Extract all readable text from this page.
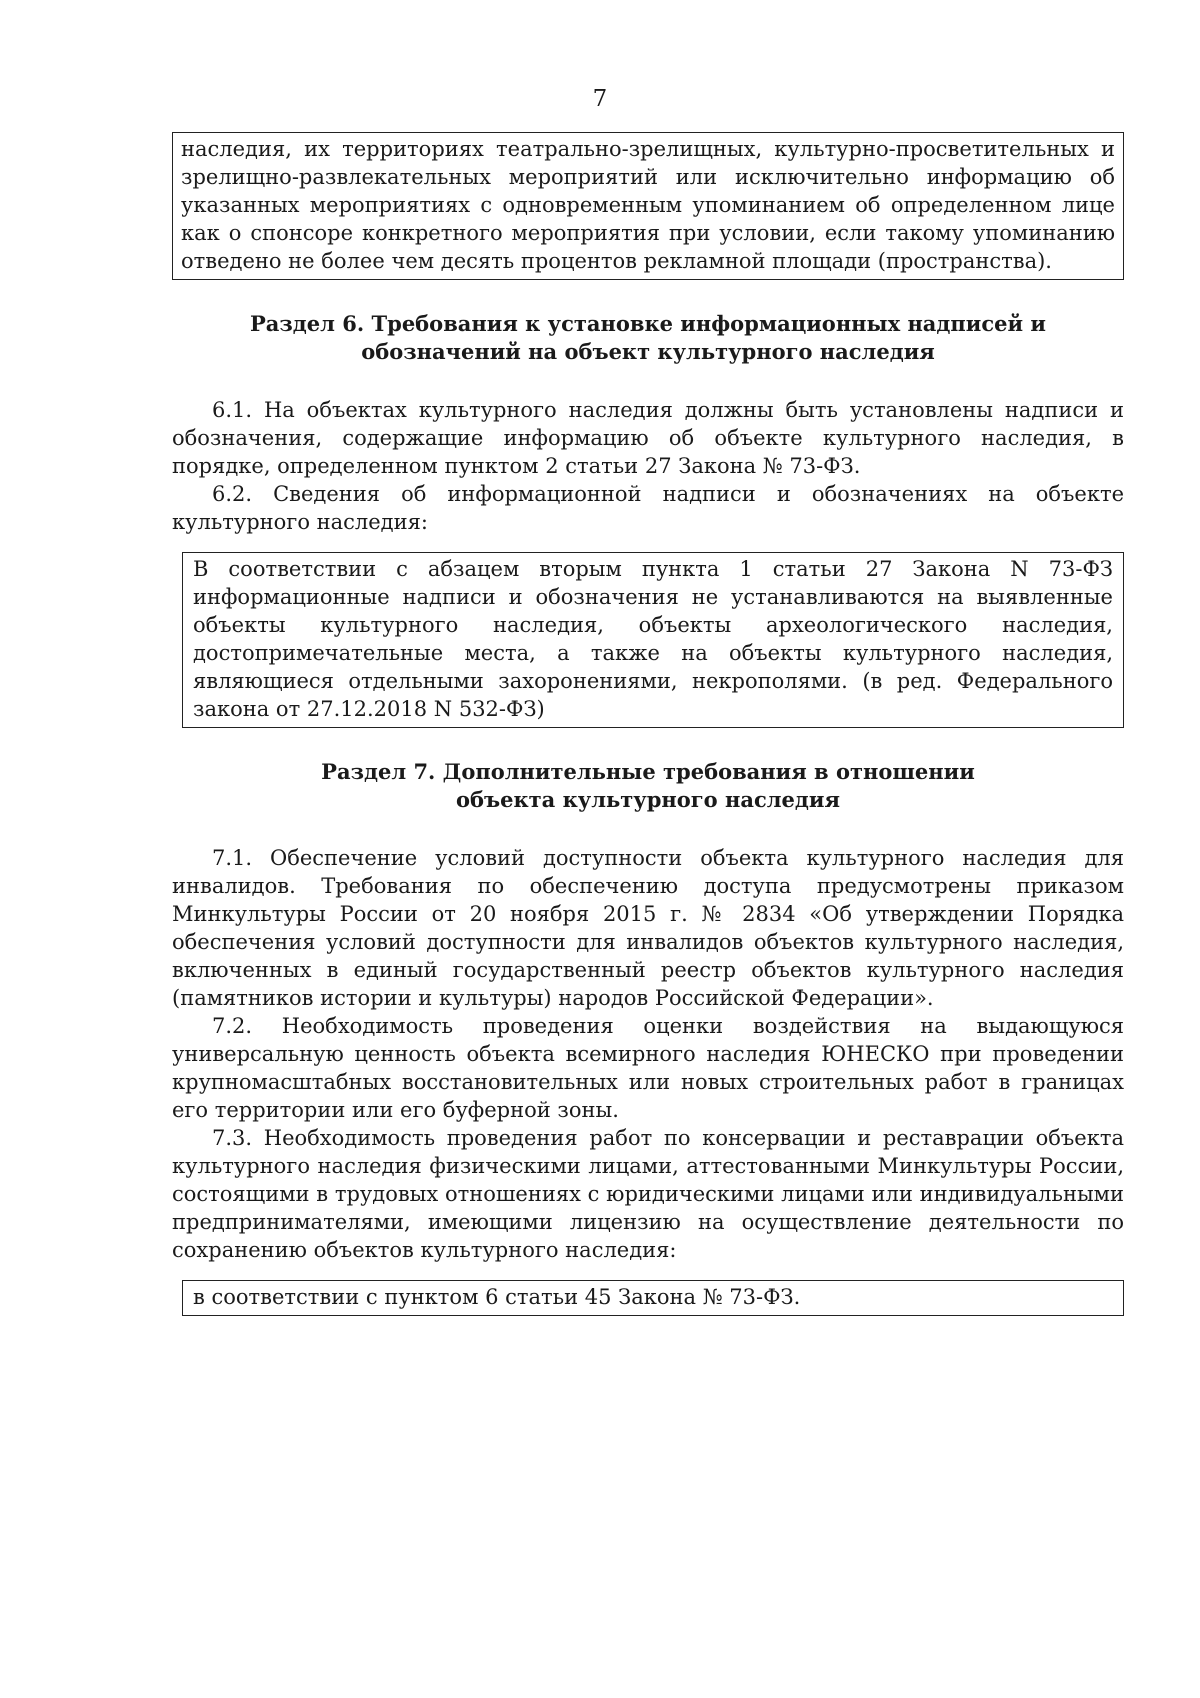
7
наследия, их территориях театрально-зрелищных, культурно-просветительных и зрелищно-развлекательных мероприятий или исключительно информацию об указанных мероприятиях с одновременным упоминанием об определенном лице как о спонсоре конкретного мероприятия при условии, если такому упоминанию отведено не более чем десять процентов рекламной площади (пространства).
Раздел 6. Требования к установке информационных надписей и
обозначений на объект культурного наследия

6.1. На объектах культурного наследия должны быть установлены надписи и обозначения, содержащие информацию об объекте культурного наследия, в порядке, определенном пунктом 2 статьи 27 Закона № 73-ФЗ.

6.2. Сведения об информационной надписи и обозначениях на объекте культурного наследия:

В соответствии с абзацем вторым пункта 1 статьи 27 Закона N 73-ФЗ информационные надписи и обозначения не устанавливаются на выявленные объекты культурного наследия, объекты археологического наследия, достопримечательные места, а также на объекты культурного наследия, являющиеся отдельными захоронениями, некрополями. (в ред. Федерального закона от 27.12.2018 N 532-ФЗ)
Раздел 7. Дополнительные требования в отношении
объекта культурного наследия

7.1. Обеспечение условий доступности объекта культурного наследия для инвалидов. Требования по обеспечению доступа предусмотрены приказом Минкультуры России от 20 ноября 2015 г. № 2834 «Об утверждении Порядка обеспечения условий доступности для инвалидов объектов культурного наследия, включенных в единый государственный реестр объектов культурного наследия (памятников истории и культуры) народов Российской Федерации».

7.2. Необходимость проведения оценки воздействия на выдающуюся универсальную ценность объекта всемирного наследия ЮНЕСКО при проведении крупномасштабных восстановительных или новых строительных работ в границах его территории или его буферной зоны.

7.3. Необходимость проведения работ по консервации и реставрации объекта культурного наследия физическими лицами, аттестованными Минкультуры России, состоящими в трудовых отношениях с юридическими лицами или индивидуальными предпринимателями, имеющими лицензию на осуществление деятельности по сохранению объектов культурного наследия:

в соответствии с пунктом 6 статьи 45 Закона № 73-ФЗ.
